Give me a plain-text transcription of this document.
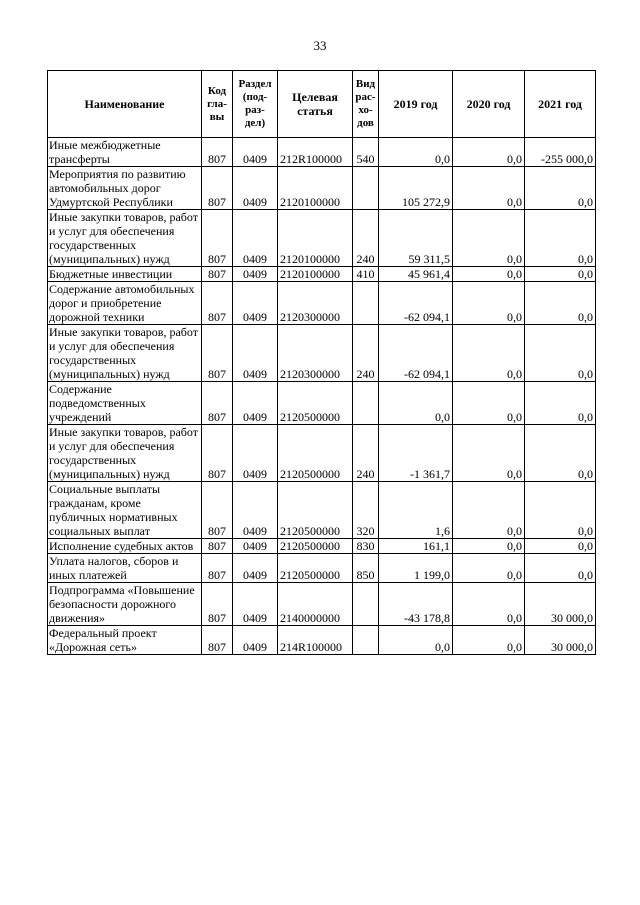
33
Наименование	Код гла- вы	Раздел (под- раз- дел)	Целевая статья	Вид рас- хо- дов	2019 год	2020 год	2021 год
Иные межбюджетные трансферты	807	0409	212R100000	540	0,0	0,0	-255 000,0
Мероприятия по развитию автомобильных дорог Удмуртской Республики	807	0409	2120100000		105 272,9	0,0	0,0
Иные закупки товаров, работ и услуг для обеспечения государственных (муниципальных) нужд	807	0409	2120100000	240	59 311,5	0,0	0,0
Бюджетные инвестиции	807	0409	2120100000	410	45 961,4	0,0	0,0
Содержание автомобильных дорог и приобретение дорожной техники	807	0409	2120300000		-62 094,1	0,0	0,0
Иные закупки товаров, работ и услуг для обеспечения государственных (муниципальных) нужд	807	0409	2120300000	240	-62 094,1	0,0	0,0
Содержание подведомственных учреждений	807	0409	2120500000		0,0	0,0	0,0
Иные закупки товаров, работ и услуг для обеспечения государственных (муниципальных) нужд	807	0409	2120500000	240	-1 361,7	0,0	0,0
Социальные выплаты гражданам, кроме публичных нормативных социальных выплат	807	0409	2120500000	320	1,6	0,0	0,0
Исполнение судебных актов	807	0409	2120500000	830	161,1	0,0	0,0
Уплата налогов, сборов и иных платежей	807	0409	2120500000	850	1 199,0	0,0	0,0
Подпрограмма «Повышение безопасности дорожного движения»	807	0409	2140000000		-43 178,8	0,0	30 000,0
Федеральный проект «Дорожная сеть»	807	0409	214R100000		0,0	0,0	30 000,0
